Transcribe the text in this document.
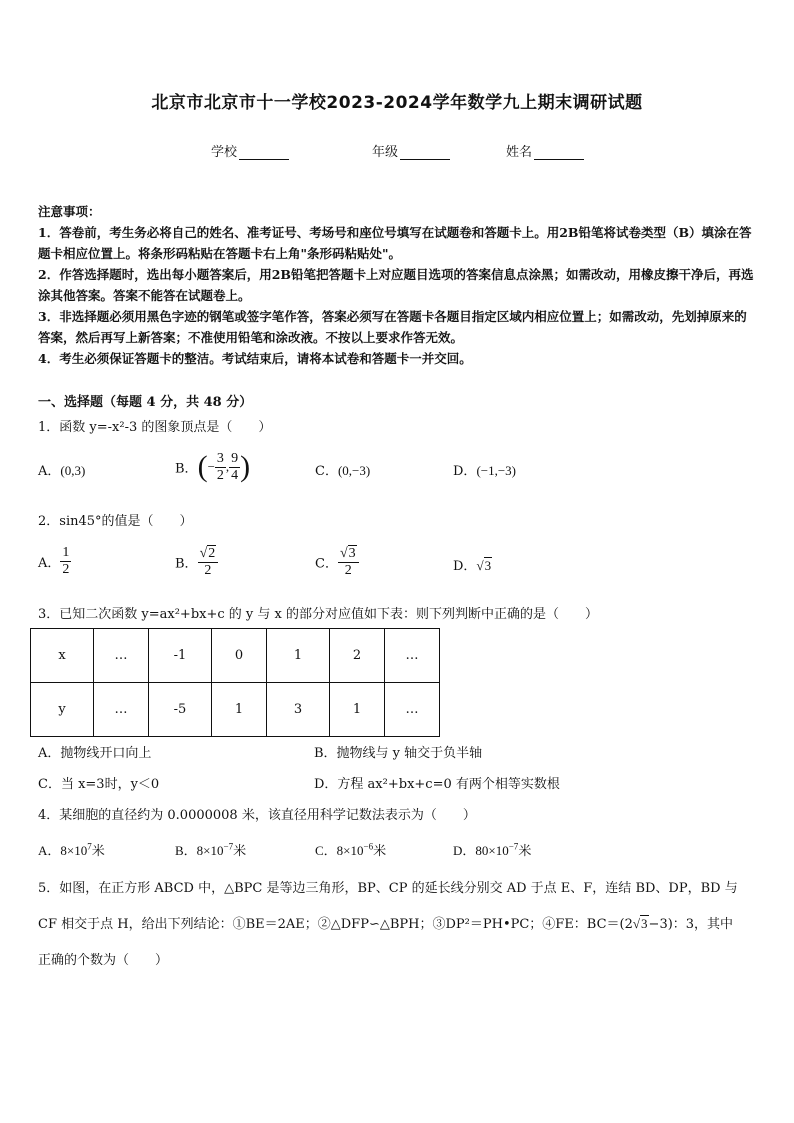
北京市北京市十一学校2023-2024学年数学九上期末调研试题
学校	年级	姓名
注意事项：
1．答卷前，考生务必将自己的姓名、准考证号、考场号和座位号填写在试题卷和答题卡上。用2B铅笔将试卷类型（B）填涂在答题卡相应位置上。将条形码粘贴在答题卡右上角"条形码粘贴处"。
2．作答选择题时，选出每小题答案后，用2B铅笔把答题卡上对应题目选项的答案信息点涂黑；如需改动，用橡皮擦干净后，再选涂其他答案。答案不能答在试题卷上。
3．非选择题必须用黑色字迹的钢笔或签字笔作答，答案必须写在答题卡各题目指定区域内相应位置上；如需改动，先划掉原来的答案，然后再写上新答案；不准使用铅笔和涂改液。不按以上要求作答无效。
4．考生必须保证答题卡的整洁。考试结束后，请将本试卷和答题卡一并交回。
一、选择题（每题 4 分，共 48 分）
1．函数 y=-x²-3 的图象顶点是（　　）
A．(0,3)	B．(− $\frac{3}{2}$ , $\frac{9}{4}$ )	C．(0,−3)	D．(−1,−3)
2．sin45°的值是（　　）
A． $\frac{1}{2}$	B． $\frac{√2}{2}$	C． $\frac{√3}{2}$	D．√3
3．已知二次函数 y=ax²+bx+c 的 y 与 x 的部分对应值如下表：则下列判断中正确的是（　　）
x	…	-1	0	1	2	…
y	…	-5	1	3	1	…
A．抛物线开口向上	B．抛物线与 y 轴交于负半轴
C．当 x=3时，y＜0	D．方程 ax²+bx+c=0 有两个相等实数根
4．某细胞的直径约为 0.0000008 米，该直径用科学记数法表示为（　　）
A．$8\times 10^7$米	B．$8\times 10^{-7}$米	C．$8\times 10^{-6}$米	D．$80\times 10^{-7}$米
5．如图，在正方形 ABCD 中，△BPC 是等边三角形，BP、CP 的延长线分别交 AD 于点 E、F，连结 BD、DP，BD 与
CF 相交于点 H，给出下列结论：①BE＝2AE；②△DFP∽△BPH；③DP²＝PH•PC；④FE：BC＝(2√3−3)：3，其中
正确的个数为（　　）
